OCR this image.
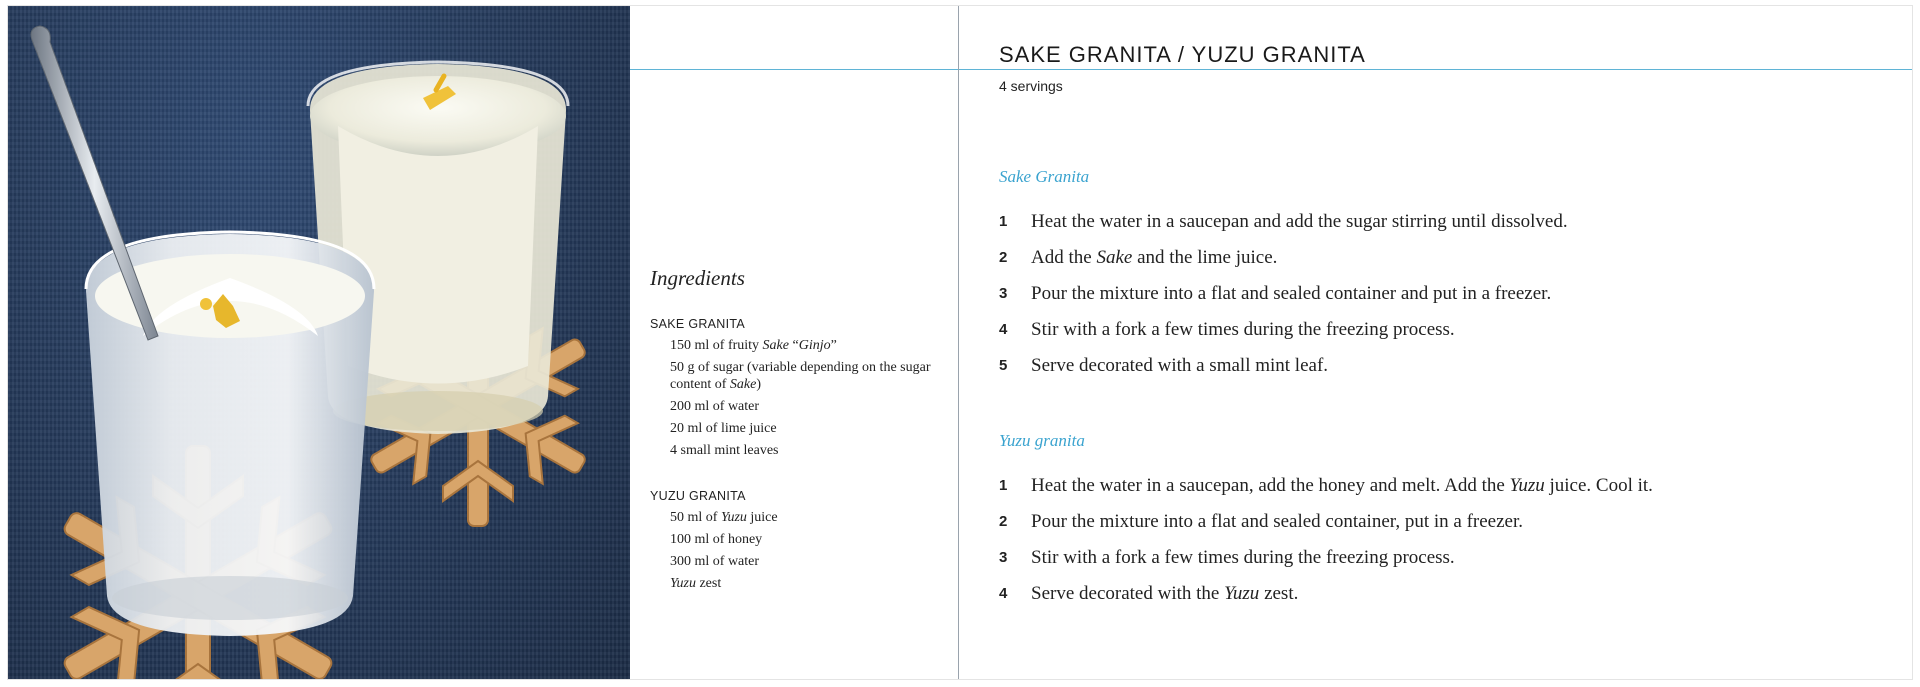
Ingredients
SAKE GRANITA
150 ml of fruity Sake “Ginjo”
50 g of sugar (variable depending on the sugar content of Sake)
200 ml of water
20 ml of lime juice
4 small mint leaves
YUZU GRANITA
50 ml of Yuzu juice
100 ml of honey
300 ml of water
Yuzu zest
SAKE GRANITA / YUZU GRANITA
4 servings
Sake Granita
1	Heat the water in a saucepan and add the sugar stirring until dissolved.
2	Add the Sake and the lime juice.
3	Pour the mixture into a flat and sealed container and put in a freezer.
4	Stir with a fork a few times during the freezing process.
5	Serve decorated with a small mint leaf.
Yuzu granita
1	Heat the water in a saucepan, add the honey and melt. Add the Yuzu juice. Cool it.
2	Pour the mixture into a flat and sealed container, put in a freezer.
3	Stir with a fork a few times during the freezing process.
4	Serve decorated with the Yuzu zest.
